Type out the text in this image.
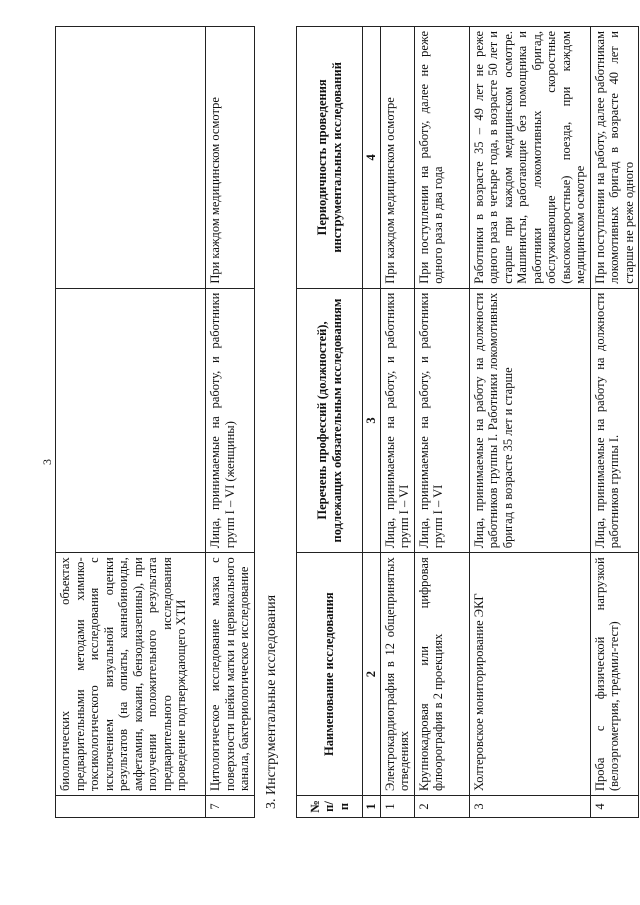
3
	биологических объектах предварительными методами химико-токсикологического исследования с исключением визуальной оценки результатов (на опиаты, каннабиноиды, амфетамин, кокаин, бензодиазепины), при получении положительного результата предварительного исследования проведение подтверждающего ХТИ		
7	Цитологическое исследование мазка с поверхности шейки матки и цервикального канала, бактериологическое исследование	Лица, принимаемые на работу, и работники групп I – VI (женщины)	При каждом медицинском осмотре
3. Инструментальные исследования № п/п	Наименование исследования	Перечень профессий (должностей), подлежащих обязательным исследованиям	Периодичность проведения инструментальных исследований
1	2	3	4
1	Электрокардиография в 12 общепринятых отведениях	Лица, принимаемые на работу, и работники групп I – VI	При каждом медицинском осмотре
2	Крупнокадровая или цифровая флюорография в 2 проекциях	Лица, принимаемые на работу, и работники групп I – VI	При поступлении на работу, далее не реже одного раза в два года
3	Холтеровское мониторирование ЭКГ	Лица, принимаемые на работу на должности работников группы I. Работники локомотивных бригад в возрасте 35 лет и старше	Работники в возрасте 35 – 49 лет не реже одного раза в четыре года, в возрасте 50 лет и старше при каждом медицинском осмотре. Машинисты, работающие без помощника и работники локомотивных бригад, обслуживающие скоростные (высокоскоростные) поезда, при каждом медицинском осмотре
4	Проба с физической нагрузкой (велоэргометрия, тредмил-тест)	Лица, принимаемые на работу на должности работников группы I.	При поступлении на работу, далее работникам локомотивных бригад в возрасте 40 лет и старше не реже одного
